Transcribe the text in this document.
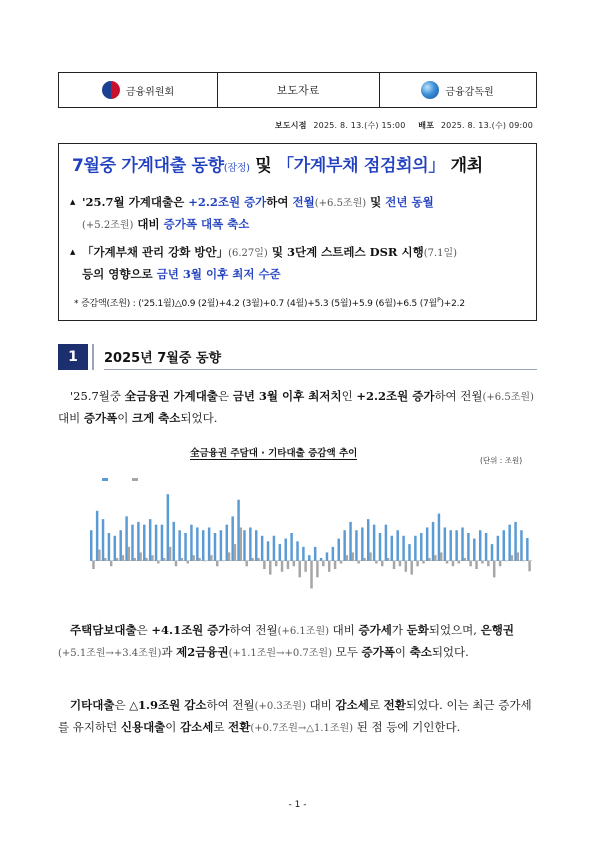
금융위원회	보도자료	금융감독원
보도시점 2025. 8. 13.(수) 15:00 배포 2025. 8. 13.(수) 09:00
7월중 가계대출 동향(잠정) 및 「가계부채 점검회의」 개최
▲ '25.7월 가계대출은 +2.2조원 증가하여 전월(+6.5조원) 및 전년 동월
(+5.2조원) 대비 증가폭 대폭 축소
▲ 「가계부채 관리 강화 방안」(6.27일) 및 3단계 스트레스 DSR 시행(7.1일)
등의 영향으로 금년 3월 이후 최저 수준
* 증감액(조원) : ('25.1월)△0.9 (2월)+4.2 (3월)+0.7 (4월)+5.3 (5월)+5.9 (6월)+6.5 (7월$^P$)+2.2
1	2025년 7월중 동향
'25.7월중 全금융권 가계대출은 금년 3월 이후 최저치인 +2.2조원 증가하여 전월(+6.5조원) 대비 증가폭이 크게 축소되었다.
全금융권 주담대 · 기타대출 증감액 추이
(단위 : 조원)
주택담보대출은 +4.1조원 증가하여 전월(+6.1조원) 대비 증가세가 둔화되었으며, 은행권(+5.1조원→+3.4조원)과 제2금융권(+1.1조원→+0.7조원) 모두 증가폭이 축소되었다.
기타대출은 △1.9조원 감소하여 전월(+0.3조원) 대비 감소세로 전환되었다. 이는 최근 증가세를 유지하던 신용대출이 감소세로 전환(+0.7조원→△1.1조원) 된 점 등에 기인한다.
- 1 -
